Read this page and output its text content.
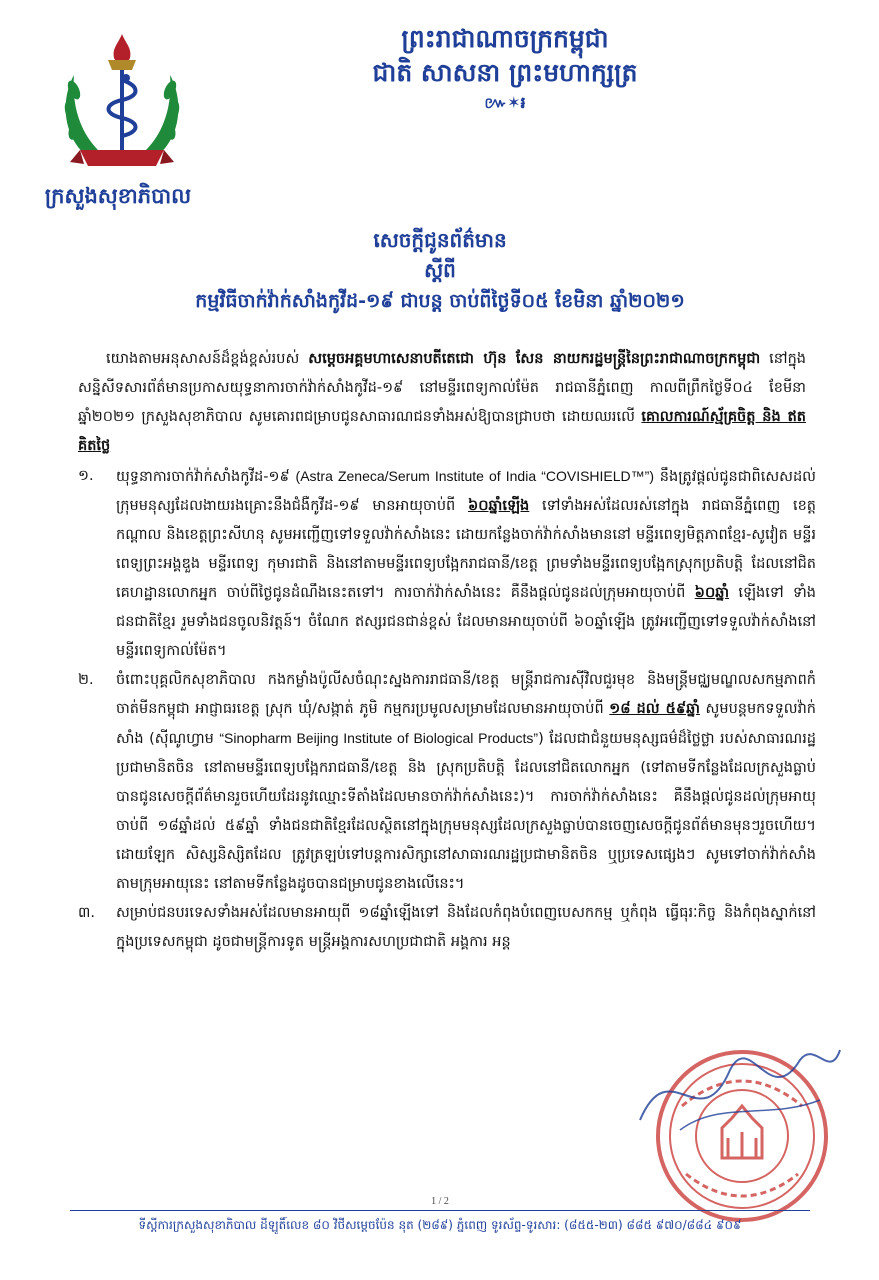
ក្រសួងសុខាភិបាល
ព្រះរាជាណាចក្រកម្ពុជា
ជាតិ សាសនា ព្រះមហាក្សត្រ
៚✶៛
សេចក្តីជូនព័ត៌មាន
ស្តីពី
កម្មវិធីចាក់វ៉ាក់សាំងកូវីដ-១៩ ជាបន្ត ចាប់ពីថ្ងៃទី០៥ ខែមិនា ឆ្នាំ២០២១
យោងតាមអនុសាសន៍ដ៏ខ្ពង់ខ្ពស់របស់ សម្តេចអគ្គមហាសេនាបតីតេជោ ហ៊ុន សែន នាយករដ្ឋមន្ត្រីនៃព្រះរាជាណាចក្រកម្ពុជា នៅក្នុងសន្និសីទសារព័ត៌មានប្រកាសយុទ្ធនាការចាក់វ៉ាក់សាំងកូវីដ-១៩ នៅមន្ទីរពេទ្យកាល់ម៉ែត រាជធានីភ្នំពេញ កាលពីព្រឹកថ្ងៃទី០៤ ខែមីនា ឆ្នាំ២០២១ ក្រសួងសុខាភិបាល សូមគោរពជម្រាបជូនសាធារណជនទាំងអស់ឱ្យបានជ្រាបថា ដោយឈរលើ គោលការណ៍ស្ម័គ្រចិត្ត និង ឥតគិតថ្លៃ
១.	យុទ្ធនាការចាក់វ៉ាក់សាំងកូវីដ-១៩ (Astra Zeneca/Serum Institute of India “COVISHIELD™”) នឹងត្រូវផ្តល់ជូនជាពិសេសដល់ក្រុមមនុស្សដែលងាយរងគ្រោះនឹងជំងឺកូវីដ-១៩ មានអាយុចាប់ពី ៦០ឆ្នាំឡើង ទៅទាំងអស់ដែលរស់នៅក្នុង រាជធានីភ្នំពេញ ខេត្តកណ្តាល និងខេត្តព្រះសីហនុ សូមអញ្ជើញទៅទទួលវ៉ាក់សាំងនេះ ដោយកន្លែងចាក់វ៉ាក់សាំងមាននៅ មន្ទីរពេទ្យមិត្តភាពខ្មែរ-សូវៀត មន្ទីរពេទ្យព្រះអង្គឌួង មន្ទីរពេទ្យ កុមារជាតិ និងនៅតាមមន្ទីរពេទ្យបង្អែករាជធានី/ខេត្ត ព្រមទាំងមន្ទីរពេទ្យបង្អែកស្រុកប្រតិបត្តិ ដែលនៅជិតគេហដ្ឋានលោកអ្នក ចាប់ពីថ្ងៃជូនដំណឹងនេះតទៅ។ ការចាក់វ៉ាក់សាំងនេះ គឺនឹងផ្តល់ជូនដល់ក្រុមអាយុចាប់ពី ៦០ឆ្នាំ ឡើងទៅ ទាំងជនជាតិខ្មែរ រួមទាំងជនចូលនិវត្តន៍។ ចំណែក ឥស្សរជនជាន់ខ្ពស់ ដែលមានអាយុចាប់ពី ៦០ឆ្នាំឡើង ត្រូវអញ្ជើញទៅទទួលវ៉ាក់សាំងនៅមន្ទីរពេទ្យកាល់ម៉ែត។
២.	ចំពោះបុគ្គលិកសុខាភិបាល កងកម្លាំងប៉ូលីសចំណុះស្នងការរាជធានី/ខេត្ត មន្ត្រីរាជការស៊ីវិលជួរមុខ និងមន្ត្រីមជ្ឈមណ្ឌលសកម្មភាពកំចាត់មីនកម្ពុជា អាជ្ញាធរខេត្ត ស្រុក ឃុំ/សង្កាត់ ភូមិ កម្មករប្រមូលសម្រាមដែលមានអាយុចាប់ពី ១៨ ដល់ ៥៩ឆ្នាំ សូមបន្តមកទទួលវ៉ាក់សាំង (ស៊ីណូហ្វាម “Sinopharm Beijing Institute of Biological Products”) ដែលជាជំនួយមនុស្សធម៌ដ៏ថ្លៃថ្លា របស់សាធារណរដ្ឋប្រជាមានិតចិន នៅតាមមន្ទីរពេទ្យបង្អែករាជធានី/ខេត្ត និង ស្រុកប្រតិបត្តិ ដែលនៅជិតលោកអ្នក (ទៅតាមទីកន្លែងដែលក្រសួងធ្លាប់បានជូនសេចក្តីព័ត៌មានរួចហើយដែរនូវឈ្មោះទីតាំងដែលមានចាក់វ៉ាក់សាំងនេះ)។ ការចាក់វ៉ាក់សាំងនេះ គឺនឹងផ្តល់ជូនដល់ក្រុមអាយុចាប់ពី ១៨ឆ្នាំដល់ ៥៩ឆ្នាំ ទាំងជនជាតិខ្មែរដែលស្ថិតនៅក្នុងក្រុមមនុស្សដែលក្រសួងធ្លាប់បានចេញសេចក្តីជូនព័ត៌មានមុនៗរួចហើយ។ ដោយឡែក សិស្សនិស្សិតដែល ត្រូវត្រឡប់ទៅបន្តការសិក្សានៅសាធារណរដ្ឋប្រជាមានិតចិន ឬប្រទេសផ្សេងៗ សូមទៅចាក់វ៉ាក់សាំង តាមក្រុមអាយុនេះ នៅតាមទីកន្លែងដូចបានជម្រាបជូនខាងលើនេះ។
៣.	សម្រាប់ជនបរទេសទាំងអស់ដែលមានអាយុពី ១៨ឆ្នាំឡើងទៅ និងដែលកំពុងបំពេញបេសកកម្ម ឬកំពុង ធ្វើធុរៈកិច្ច និងកំពុងស្នាក់នៅក្នុងប្រទេសកម្ពុជា ដូចជាមន្ត្រីការទូត មន្ត្រីអង្គការសហប្រជាជាតិ អង្គការ អន្ត
1 / 2
ទីស្តីការក្រសួងសុខាភិបាល ដីឡូតិ៍លេខ ៨០ វិថីសម្តេចប៉ែន នុត (២៨៩) ភ្នំពេញ ទូរស័ព្ទ-ទូរសារ: (៨៥៥-២៣) ៨៨៥ ៩៧០/៨៨៤ ៩០៩
